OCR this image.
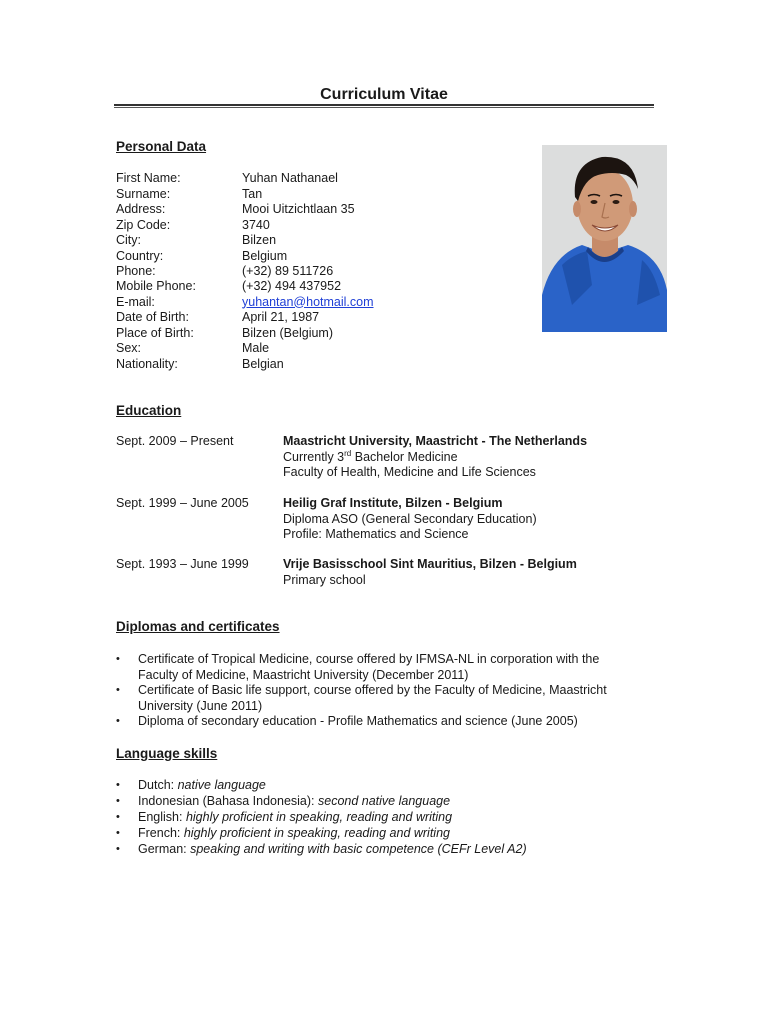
Curriculum Vitae
Personal Data
First Name:	Yuhan Nathanael
Surname:	Tan
Address:	Mooi Uitzichtlaan 35
Zip Code:	3740
City:	Bilzen
Country:	Belgium
Phone:	(+32) 89 511726
Mobile Phone:	(+32) 494 437952
E-mail:	yuhantan@hotmail.com
Date of Birth:	April 21, 1987
Place of Birth:	Bilzen (Belgium)
Sex:	Male
Nationality:	Belgian
Education
Sept. 2009 – Present	Maastricht University, Maastricht - The Netherlands
Currently 3rd Bachelor Medicine
Faculty of Health, Medicine and Life Sciences
Sept. 1999 – June 2005	Heilig Graf Institute, Bilzen - Belgium
Diploma ASO (General Secondary Education)
Profile: Mathematics and Science
Sept. 1993 – June 1999	Vrije Basisschool Sint Mauritius, Bilzen - Belgium
Primary school
Diplomas and certificates
• Certificate of Tropical Medicine, course offered by IFMSA-NL in corporation with the
Faculty of Medicine, Maastricht University (December 2011)
• Certificate of Basic life support, course offered by the Faculty of Medicine, Maastricht
University (June 2011)
• Diploma of secondary education - Profile Mathematics and science (June 2005)
Language skills
• Dutch: native language
• Indonesian (Bahasa Indonesia): second native language
• English: highly proficient in speaking, reading and writing
• French: highly proficient in speaking, reading and writing
• German: speaking and writing with basic competence (CEFr Level A2)
